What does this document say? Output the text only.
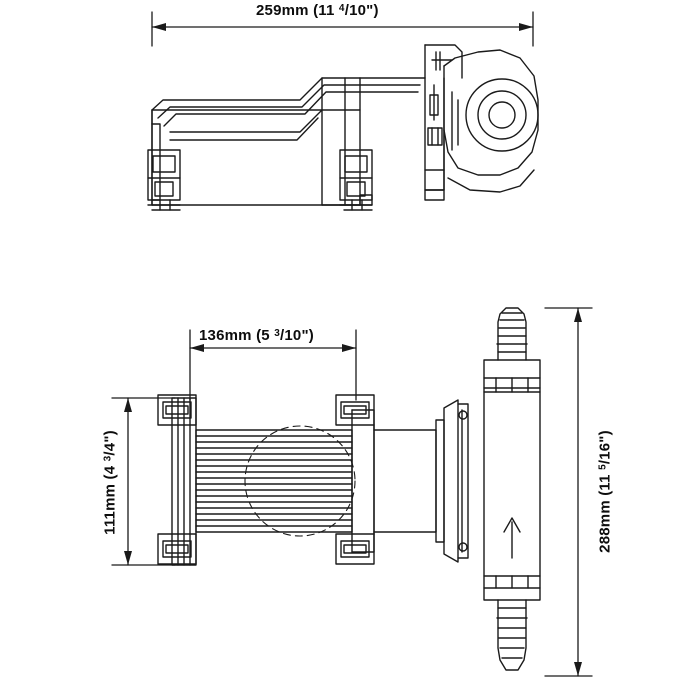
259mm (11 $^4$/10")
136mm (5 $^3$/10")
111mm (4 $^3$/4")
288mm (11 $^5$/16")
